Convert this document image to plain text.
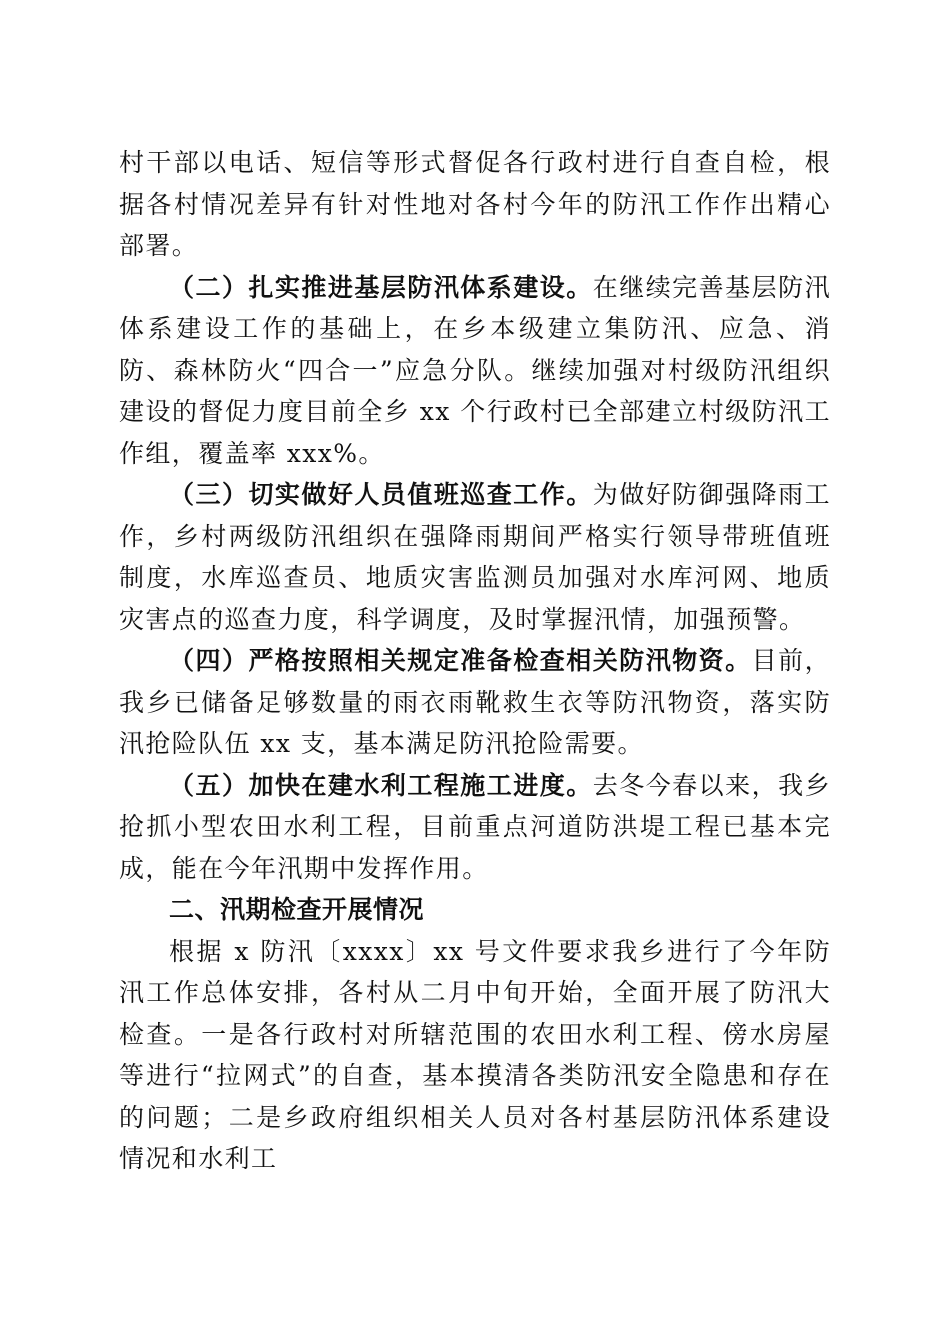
村干部以电话、短信等形式督促各行政村进行自查自检，根据各村情况差异有针对性地对各村今年的防汛工作作出精心部署。

（二）扎实推进基层防汛体系建设。在继续完善基层防汛体系建设工作的基础上，在乡本级建立集防汛、应急、消防、森林防火“四合一”应急分队。继续加强对村级防汛组织建设的督促力度目前全乡 xx 个行政村已全部建立村级防汛工作组，覆盖率 xxx%。

（三）切实做好人员值班巡查工作。为做好防御强降雨工作，乡村两级防汛组织在强降雨期间严格实行领导带班值班制度，水库巡查员、地质灾害监测员加强对水库河网、地质灾害点的巡查力度，科学调度，及时掌握汛情，加强预警。

（四）严格按照相关规定准备检查相关防汛物资。目前，我乡已储备足够数量的雨衣雨靴救生衣等防汛物资，落实防汛抢险队伍 xx 支，基本满足防汛抢险需要。

（五）加快在建水利工程施工进度。去冬今春以来，我乡抢抓小型农田水利工程，目前重点河道防洪堤工程已基本完成，能在今年汛期中发挥作用。

二、汛期检查开展情况

根据 x 防汛〔xxxx〕xx 号文件要求我乡进行了今年防汛工作总体安排，各村从二月中旬开始，全面开展了防汛大检查。一是各行政村对所辖范围的农田水利工程、傍水房屋等进行“拉网式”的自查，基本摸清各类防汛安全隐患和存在的问题；二是乡政府组织相关人员对各村基层防汛体系建设情况和水利工
